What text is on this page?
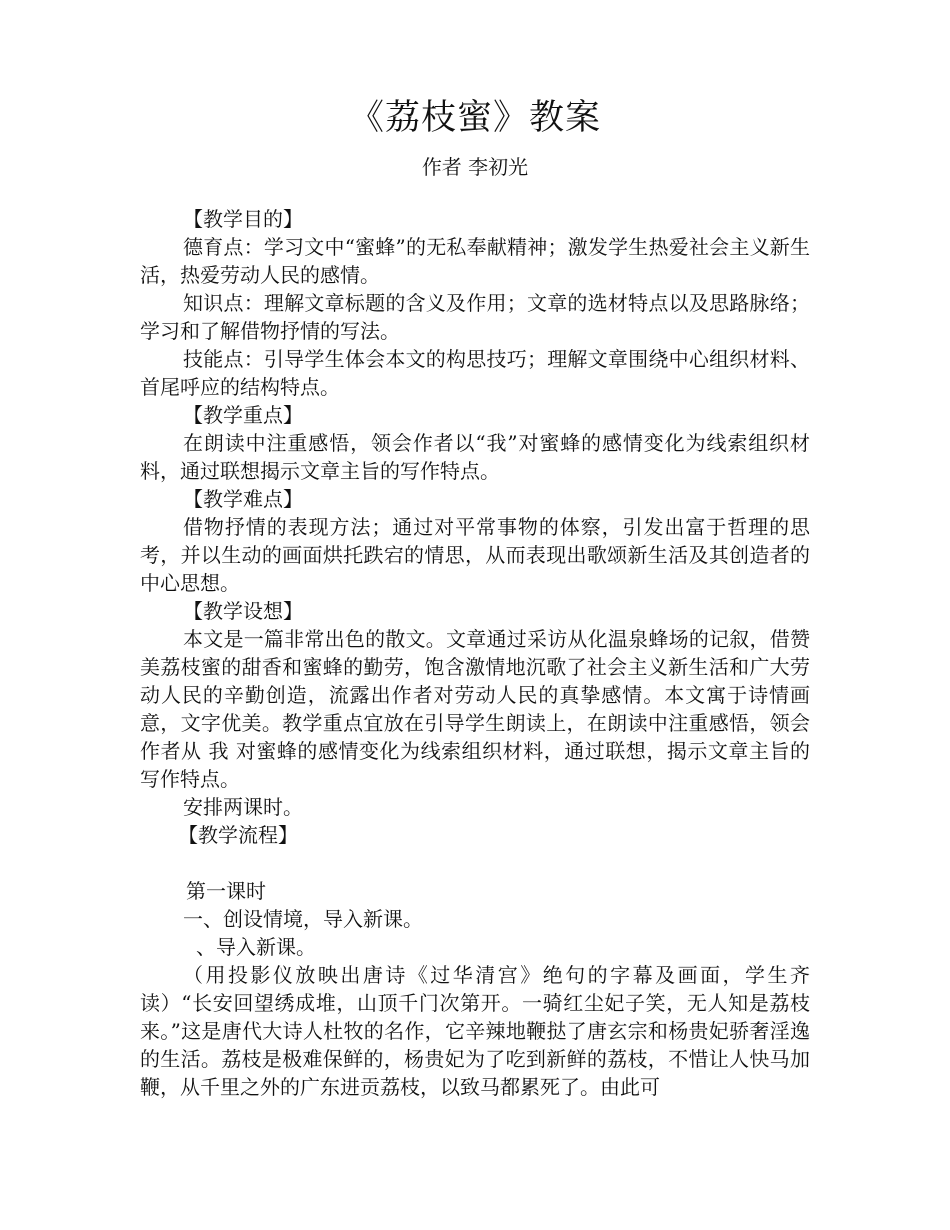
《荔枝蜜》教案
作者 李初光

【教学目的】

德育点：学习文中“蜜蜂”的无私奉献精神；激发学生热爱社会主义新生活，热爱劳动人民的感情。

知识点：理解文章标题的含义及作用；文章的选材特点以及思路脉络；学习和了解借物抒情的写法。

技能点：引导学生体会本文的构思技巧；理解文章围绕中心组织材料、首尾呼应的结构特点。

【教学重点】

在朗读中注重感悟，领会作者以“我”对蜜蜂的感情变化为线索组织材料，通过联想揭示文章主旨的写作特点。

【教学难点】

借物抒情的表现方法；通过对平常事物的体察，引发出富于哲理的思考，并以生动的画面烘托跌宕的情思，从而表现出歌颂新生活及其创造者的中心思想。

【教学设想】

本文是一篇非常出色的散文。文章通过采访从化温泉蜂场的记叙，借赞美荔枝蜜的甜香和蜜蜂的勤劳，饱含激情地沉歌了社会主义新生活和广大劳动人民的辛勤创造，流露出作者对劳动人民的真挚感情。本文寓于诗情画意，文字优美。教学重点宜放在引导学生朗读上，在朗读中注重感悟，领会作者从 我 对蜜蜂的感情变化为线索组织材料，通过联想，揭示文章主旨的写作特点。

安排两课时。

【教学流程】

第一课时

一、创设情境，导入新课。

、导入新课。

（用投影仪放映出唐诗《过华清宫》绝句的字幕及画面，学生齐读）“长安回望绣成堆，山顶千门次第开。一骑红尘妃子笑，无人知是荔枝来。”这是唐代大诗人杜牧的名作，它辛辣地鞭挞了唐玄宗和杨贵妃骄奢淫逸的生活。荔枝是极难保鲜的，杨贵妃为了吃到新鲜的荔枝，不惜让人快马加鞭，从千里之外的广东进贡荔枝，以致马都累死了。由此可
